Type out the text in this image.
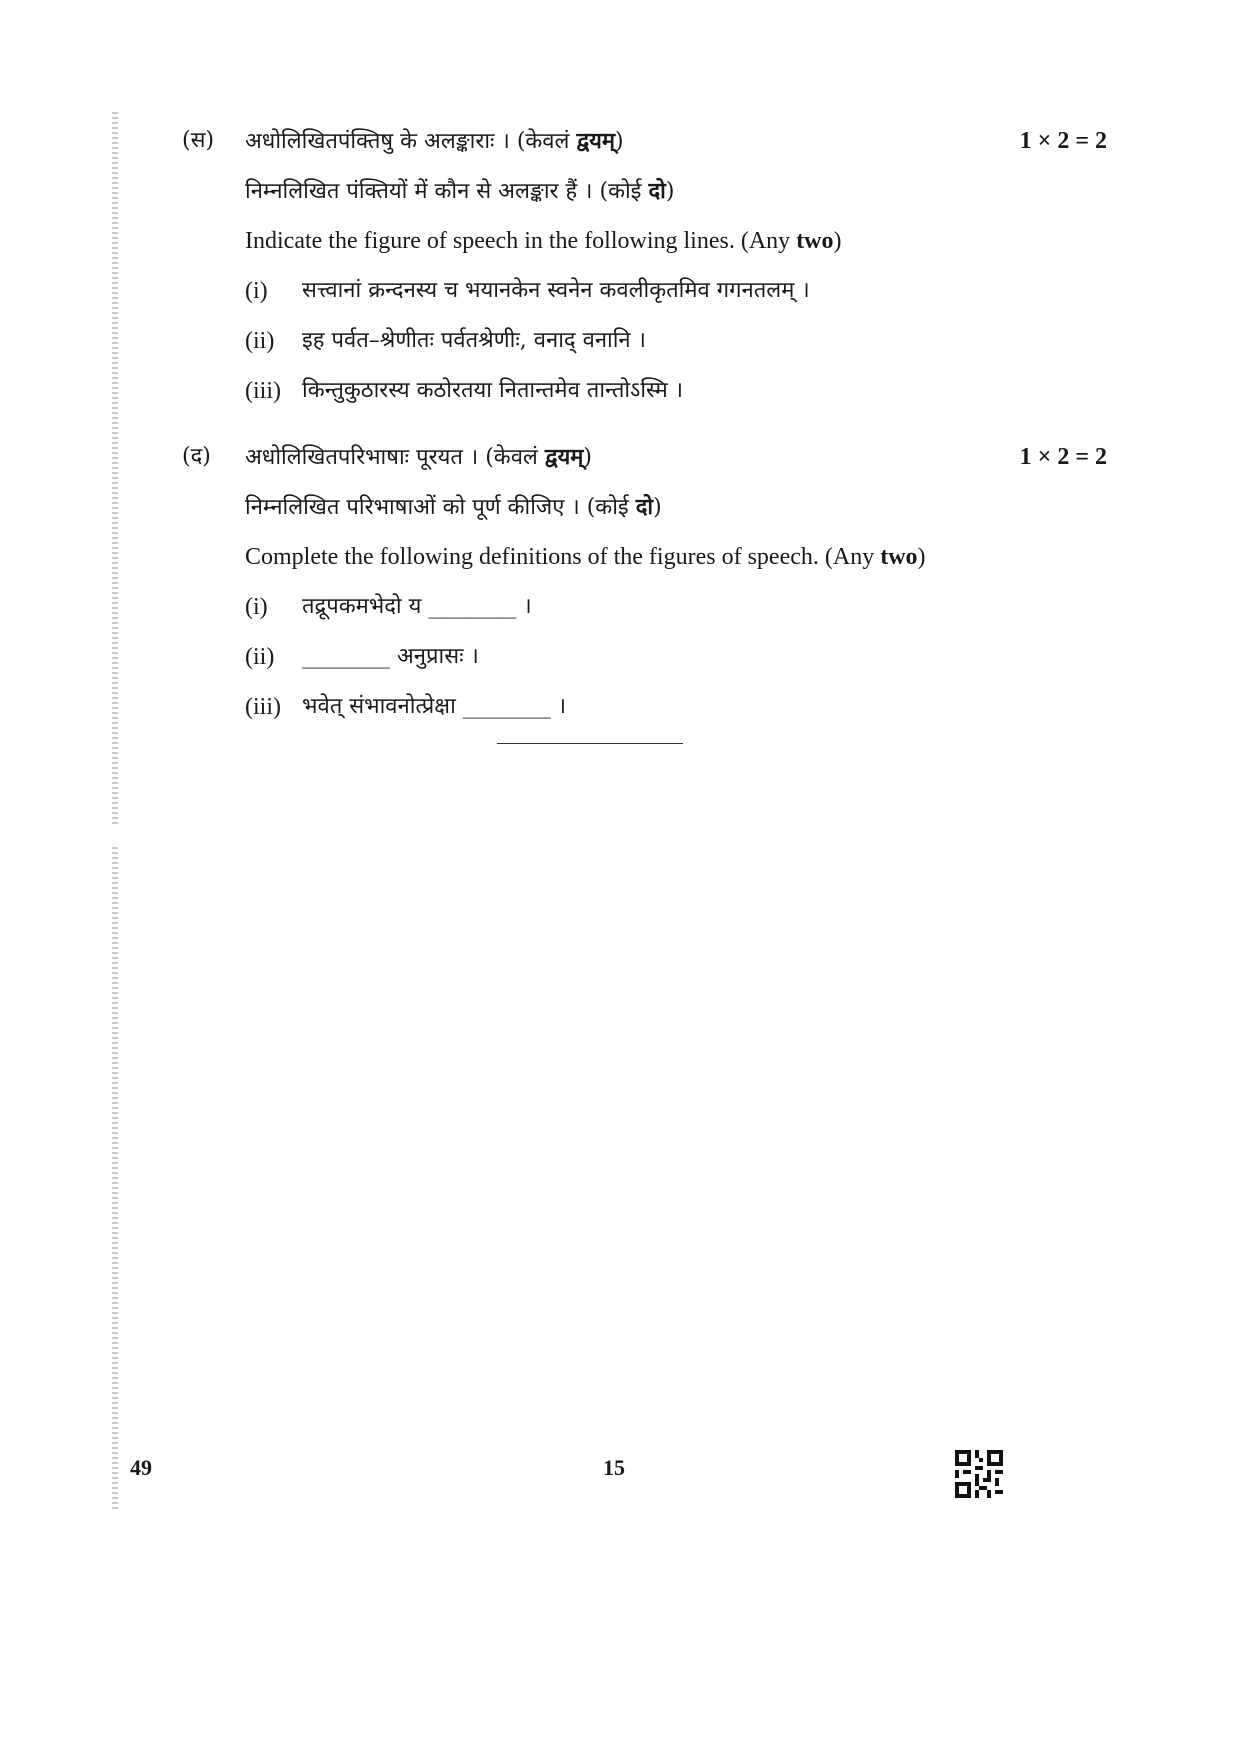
(स)	अधोलिखितपंक्तिषु के अलङ्काराः । (केवलं द्वयम्)	1 × 2 = 2
निम्नलिखित पंक्तियों में कौन से अलङ्कार हैं । (कोई दो)
Indicate the figure of speech in the following lines. (Any two)
(i)	सत्त्वानां क्रन्दनस्य च भयानकेन स्वनेन कवलीकृतमिव गगनतलम् ।
(ii)	इह पर्वत–श्रेणीतः पर्वतश्रेणीः, वनाद् वनानि ।
(iii) किन्तुकुठारस्य कठोरतया नितान्तमेव तान्तोऽस्मि ।
(द)	अधोलिखितपरिभाषाः पूरयत । (केवलं द्वयम्)	1 × 2 = 2
निम्नलिखित परिभाषाओं को पूर्ण कीजिए । (कोई दो)
Complete the following definitions of the figures of speech. (Any two)
(i)	तद्रूपकमभेदो य ________ ।
(ii)	________ अनुप्रासः ।
(iii) भवेत् संभावनोत्प्रेक्षा ________ ।
49	15
